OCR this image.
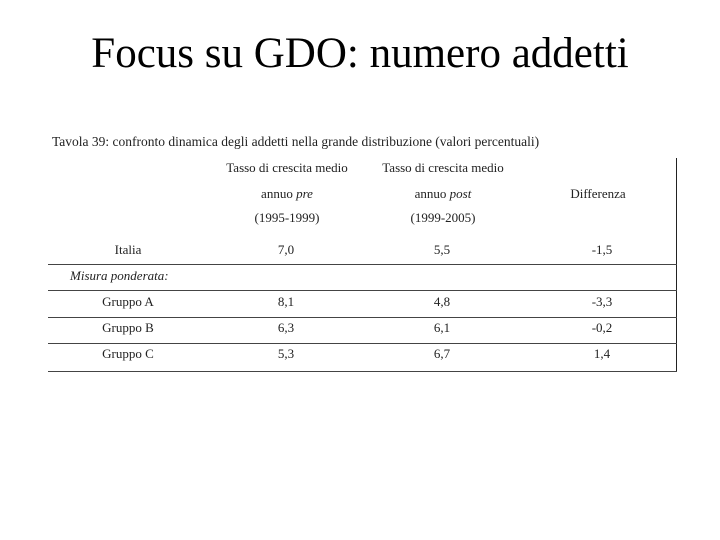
Focus su GDO: numero addetti
Tavola 39: confronto dinamica degli addetti nella grande distribuzione (valori percentuali)
Tasso di crescita medio
annuo pre
(1995-1999)
Tasso di crescita medio
annuo post
(1999-2005)
Differenza
Italia	7,0	5,5	-1,5
Misura ponderata:
Gruppo A	8,1	4,8	-3,3
Gruppo B	6,3	6,1	-0,2
Gruppo C	5,3	6,7	1,4
